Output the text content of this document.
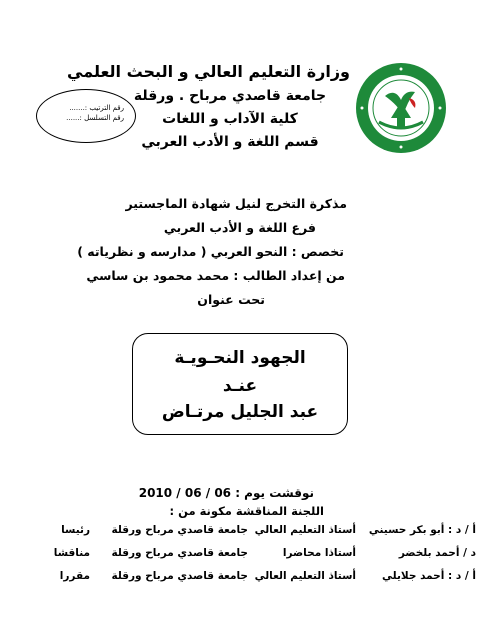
رقم الترتيب :.......
رقم التسلسل :......
وزارة التعليم العالي و البحث العلمي
جامعة قاصدي مرباح . ورقلة
كلية الآداب و اللغات
قسم اللغة و الأدب العربي
مذكرة التخرج لنيل شهادة الماجستير
فرع اللغة و الأدب العربي
تخصص : النحو العربي ( مدارسه و نظرياته )
من إعداد الطالب : محمد محمود بن ساسي
تحت عنوان
الجهود النحـويـة
عنـد
عبد الجليل مرتـاض
نوقشت يوم : 06 / 06 / 2010
اللجنة المناقشة مكونة من :
أ / د : أبو بكر حسيني
أستاذ التعليم العالي
جامعة قاصدي مرباح ورقلة
رئيسا
د / أحمد بلخضر
أستاذا محاضرا
جامعة قاصدي مرباح ورقلة
مناقشا
أ / د : أحمد جلايلي
أستاذ التعليم العالي
جامعة قاصدي مرباح ورقلة
مقررا
